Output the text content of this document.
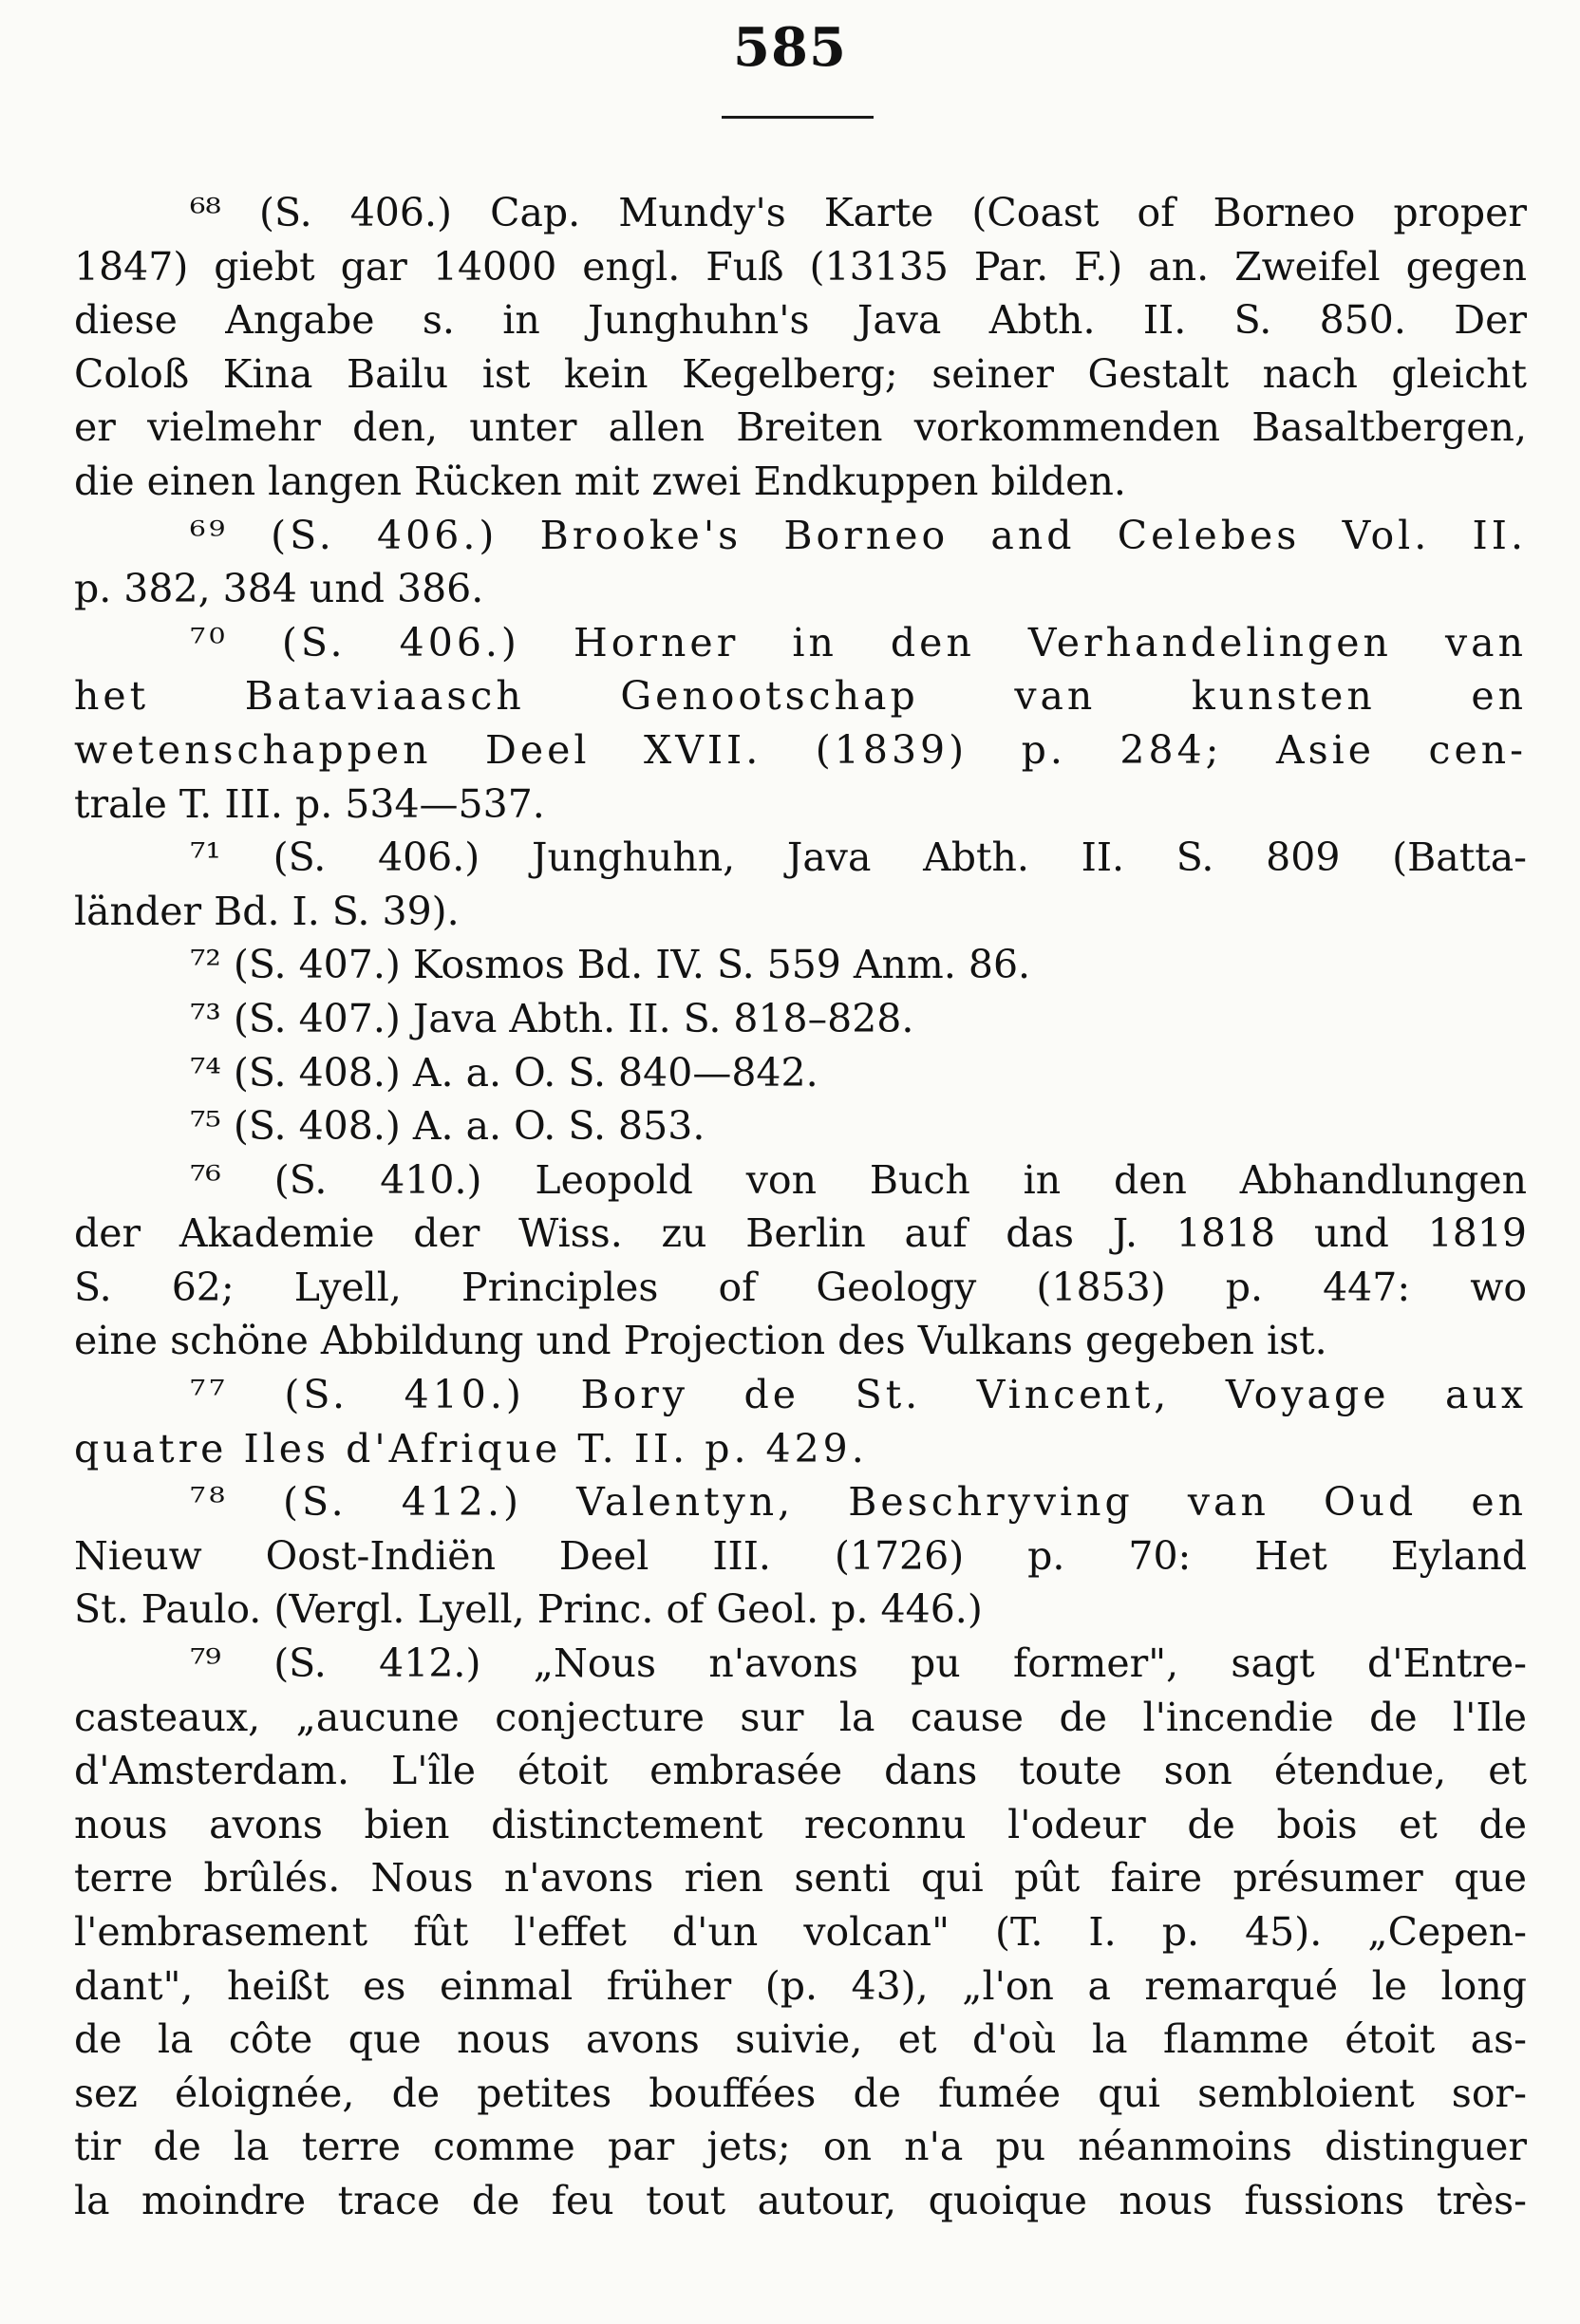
585
⁶⁸ (S. 406.) Cap. Mundy's Karte (Coast of Borneo proper
1847) giebt gar 14000 engl. Fuß (13135 Par. F.) an. Zweifel gegen
diese Angabe s. in Junghuhn's Java Abth. II. S. 850. Der
Coloß Kina Bailu ist kein Kegelberg; seiner Gestalt nach gleicht
er vielmehr den, unter allen Breiten vorkommenden Basaltbergen,
die einen langen Rücken mit zwei Endkuppen bilden.
⁶⁹ (S. 406.) Brooke's Borneo and Celebes Vol. II.
p. 382, 384 und 386.
⁷⁰ (S. 406.) Horner in den Verhandelingen van
het Bataviaasch Genootschap van kunsten en
wetenschappen Deel XVII. (1839) p. 284; Asie cen-
trale T. III. p. 534—537.
⁷¹ (S. 406.) Junghuhn, Java Abth. II. S. 809 (Batta-
länder Bd. I. S. 39).
⁷² (S. 407.) Kosmos Bd. IV. S. 559 Anm. 86.
⁷³ (S. 407.) Java Abth. II. S. 818–828.
⁷⁴ (S. 408.) A. a. O. S. 840—842.
⁷⁵ (S. 408.) A. a. O. S. 853.
⁷⁶ (S. 410.) Leopold von Buch in den Abhandlungen
der Akademie der Wiss. zu Berlin auf das J. 1818 und 1819
S. 62; Lyell, Principles of Geology (1853) p. 447: wo
eine schöne Abbildung und Projection des Vulkans gegeben ist.
⁷⁷ (S. 410.) Bory de St. Vincent, Voyage aux
quatre Iles d'Afrique T. II. p. 429.
⁷⁸ (S. 412.) Valentyn, Beschryving van Oud en
Nieuw Oost-Indiën Deel III. (1726) p. 70: Het Eyland
St. Paulo. (Vergl. Lyell, Princ. of Geol. p. 446.)
⁷⁹ (S. 412.) „Nous n'avons pu former", sagt d'Entre-
casteaux, „aucune conjecture sur la cause de l'incendie de l'Ile
d'Amsterdam. L'île étoit embrasée dans toute son étendue, et
nous avons bien distinctement reconnu l'odeur de bois et de
terre brûlés. Nous n'avons rien senti qui pût faire présumer que
l'embrasement fût l'effet d'un volcan" (T. I. p. 45). „Cepen-
dant", heißt es einmal früher (p. 43), „l'on a remarqué le long
de la côte que nous avons suivie, et d'où la flamme étoit as-
sez éloignée, de petites bouffées de fumée qui sembloient sor-
tir de la terre comme par jets; on n'a pu néanmoins distinguer
la moindre trace de feu tout autour, quoique nous fussions très-
